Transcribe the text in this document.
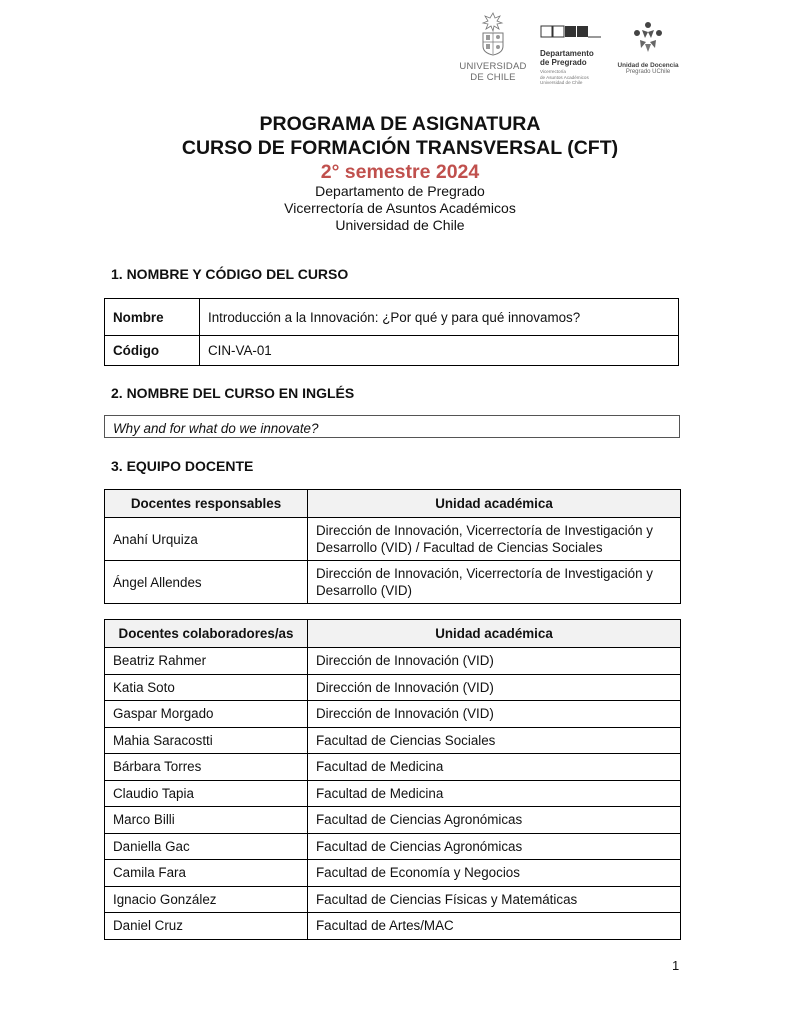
UNIVERSIDAD
DE CHILE
Departamento
de Pregrado
Vicerrectoría
de Asuntos Académicos
Universidad de Chile
Unidad de Docencia
Pregrado UChile
PROGRAMA DE ASIGNATURA
CURSO DE FORMACIÓN TRANSVERSAL (CFT)
2° semestre 2024
Departamento de Pregrado
Vicerrectoría de Asuntos Académicos
Universidad de Chile
1. NOMBRE Y CÓDIGO DEL CURSO
Nombre	Introducción a la Innovación: ¿Por qué y para qué innovamos?
Código	CIN-VA-01
2. NOMBRE DEL CURSO EN INGLÉS
Why and for what do we innovate?
3. EQUIPO DOCENTE
Docentes responsables	Unidad académica
Anahí Urquiza	Dirección de Innovación, Vicerrectoría de Investigación y
Desarrollo (VID) / Facultad de Ciencias Sociales
Ángel Allendes	Dirección de Innovación, Vicerrectoría de Investigación y
Desarrollo (VID)
Docentes colaboradores/as	Unidad académica
Beatriz Rahmer	Dirección de Innovación (VID)
Katia Soto	Dirección de Innovación (VID)
Gaspar Morgado	Dirección de Innovación (VID)
Mahia Saracostti	Facultad de Ciencias Sociales
Bárbara Torres	Facultad de Medicina
Claudio Tapia	Facultad de Medicina
Marco Billi	Facultad de Ciencias Agronómicas
Daniella Gac	Facultad de Ciencias Agronómicas
Camila Fara	Facultad de Economía y Negocios
Ignacio González	Facultad de Ciencias Físicas y Matemáticas
Daniel Cruz	Facultad de Artes/MAC
1
